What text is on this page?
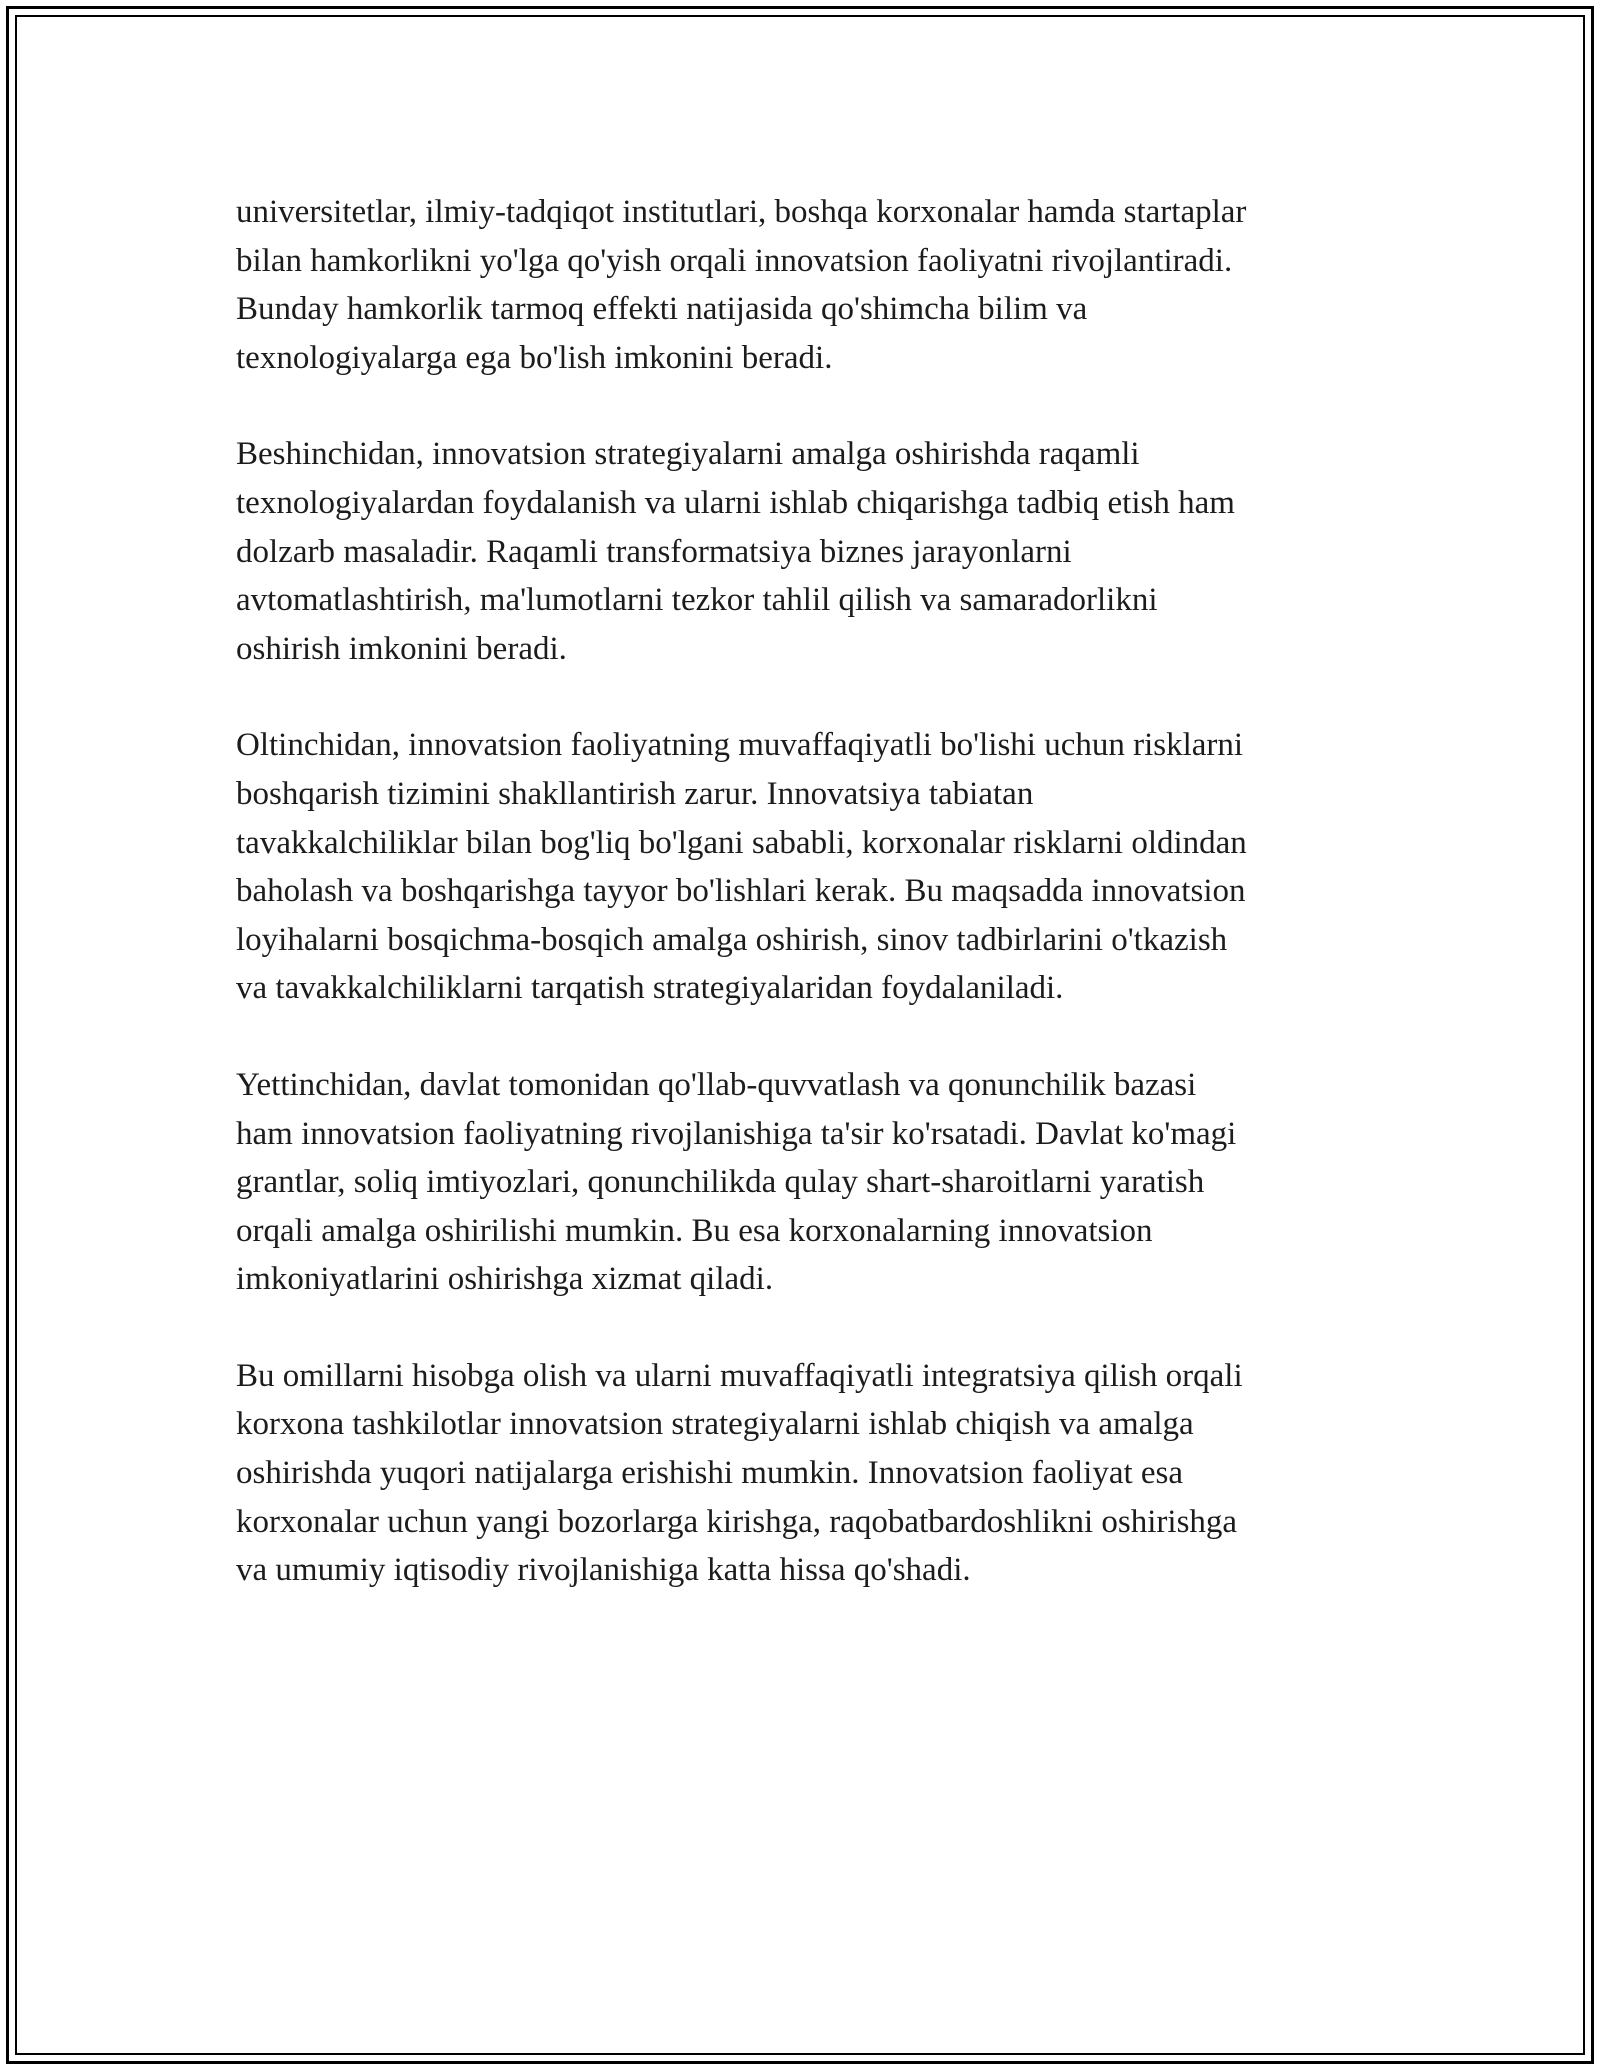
universitetlar, ilmiy-tadqiqot institutlari, boshqa korxonalar hamda startaplar
bilan hamkorlikni yo'lga qo'yish orqali innovatsion faoliyatni rivojlantiradi.
Bunday hamkorlik tarmoq effekti natijasida qo'shimcha bilim va
texnologiyalarga ega bo'lish imkonini beradi.

Beshinchidan, innovatsion strategiyalarni amalga oshirishda raqamli
texnologiyalardan foydalanish va ularni ishlab chiqarishga tadbiq etish ham
dolzarb masaladir. Raqamli transformatsiya biznes jarayonlarni
avtomatlashtirish, ma'lumotlarni tezkor tahlil qilish va samaradorlikni
oshirish imkonini beradi.

Oltinchidan, innovatsion faoliyatning muvaffaqiyatli bo'lishi uchun risklarni
boshqarish tizimini shakllantirish zarur. Innovatsiya tabiatan
tavakkalchiliklar bilan bog'liq bo'lgani sababli, korxonalar risklarni oldindan
baholash va boshqarishga tayyor bo'lishlari kerak. Bu maqsadda innovatsion
loyihalarni bosqichma-bosqich amalga oshirish, sinov tadbirlarini o'tkazish
va tavakkalchiliklarni tarqatish strategiyalaridan foydalaniladi.

Yettinchidan, davlat tomonidan qo'llab-quvvatlash va qonunchilik bazasi
ham innovatsion faoliyatning rivojlanishiga ta'sir ko'rsatadi. Davlat ko'magi
grantlar, soliq imtiyozlari, qonunchilikda qulay shart-sharoitlarni yaratish
orqali amalga oshirilishi mumkin. Bu esa korxonalarning innovatsion
imkoniyatlarini oshirishga xizmat qiladi.

Bu omillarni hisobga olish va ularni muvaffaqiyatli integratsiya qilish orqali
korxona tashkilotlar innovatsion strategiyalarni ishlab chiqish va amalga
oshirishda yuqori natijalarga erishishi mumkin. Innovatsion faoliyat esa
korxonalar uchun yangi bozorlarga kirishga, raqobatbardoshlikni oshirishga
va umumiy iqtisodiy rivojlanishiga katta hissa qo'shadi.
